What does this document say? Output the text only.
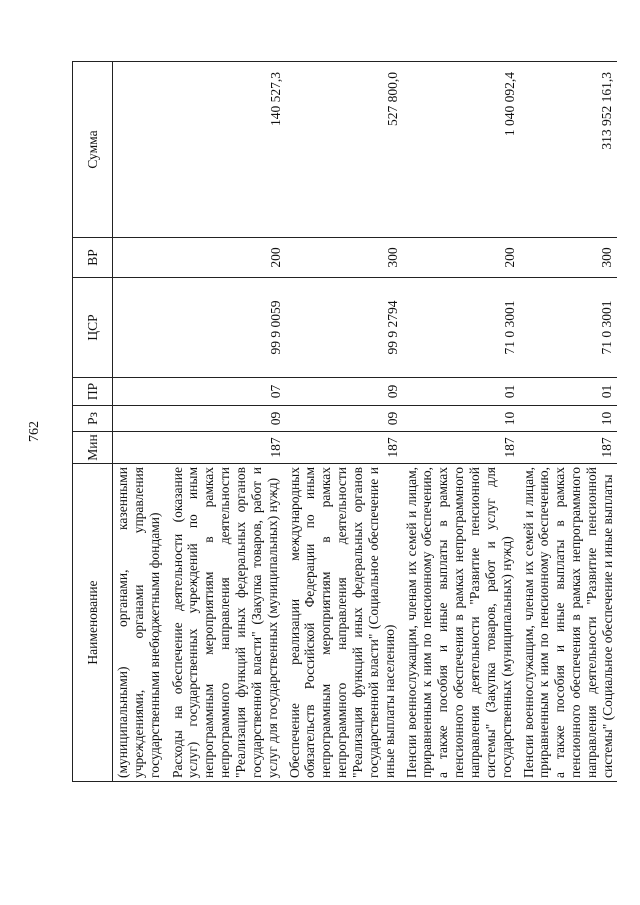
762
Наименование	Мин	Рз	ПР	ЦСР	ВР	Сумма
(муниципальными) органами, казенными учреждениями, органами управления государственными внебюджетными фондами)						
Расходы на обеспечение деятельности (оказание услуг) государственных учреждений по иным непрограммным мероприятиям в рамках непрограммного направления деятельности "Реализация функций иных федеральных органов государственной власти" (Закупка товаров, работ и услуг для государственных (муниципальных) нужд)	187	09	07	99 9 0059	200	140 527,3
Обеспечение реализации международных обязательств Российской Федерации по иным непрограммным мероприятиям в рамках непрограммного направления деятельности "Реализация функций иных федеральных органов государственной власти" (Социальное обеспечение и иные выплаты населению)	187	09	09	99 9 2794	300	527 800,0
Пенсии военнослужащим, членам их семей и лицам, приравненным к ним по пенсионному обеспечению, а также пособия и иные выплаты в рамках пенсионного обеспечения в рамках непрограммного направления деятельности "Развитие пенсионной системы" (Закупка товаров, работ и услуг для государственных (муниципальных) нужд)	187	10	01	71 0 3001	200	1 040 092,4
Пенсии военнослужащим, членам их семей и лицам, приравненным к ним по пенсионному обеспечению, а также пособия и иные выплаты в рамках пенсионного обеспечения в рамках непрограммного направления деятельности "Развитие пенсионной системы" (Социальное обеспечение и иные выплаты	187	10	01	71 0 3001	300	313 952 161,3
